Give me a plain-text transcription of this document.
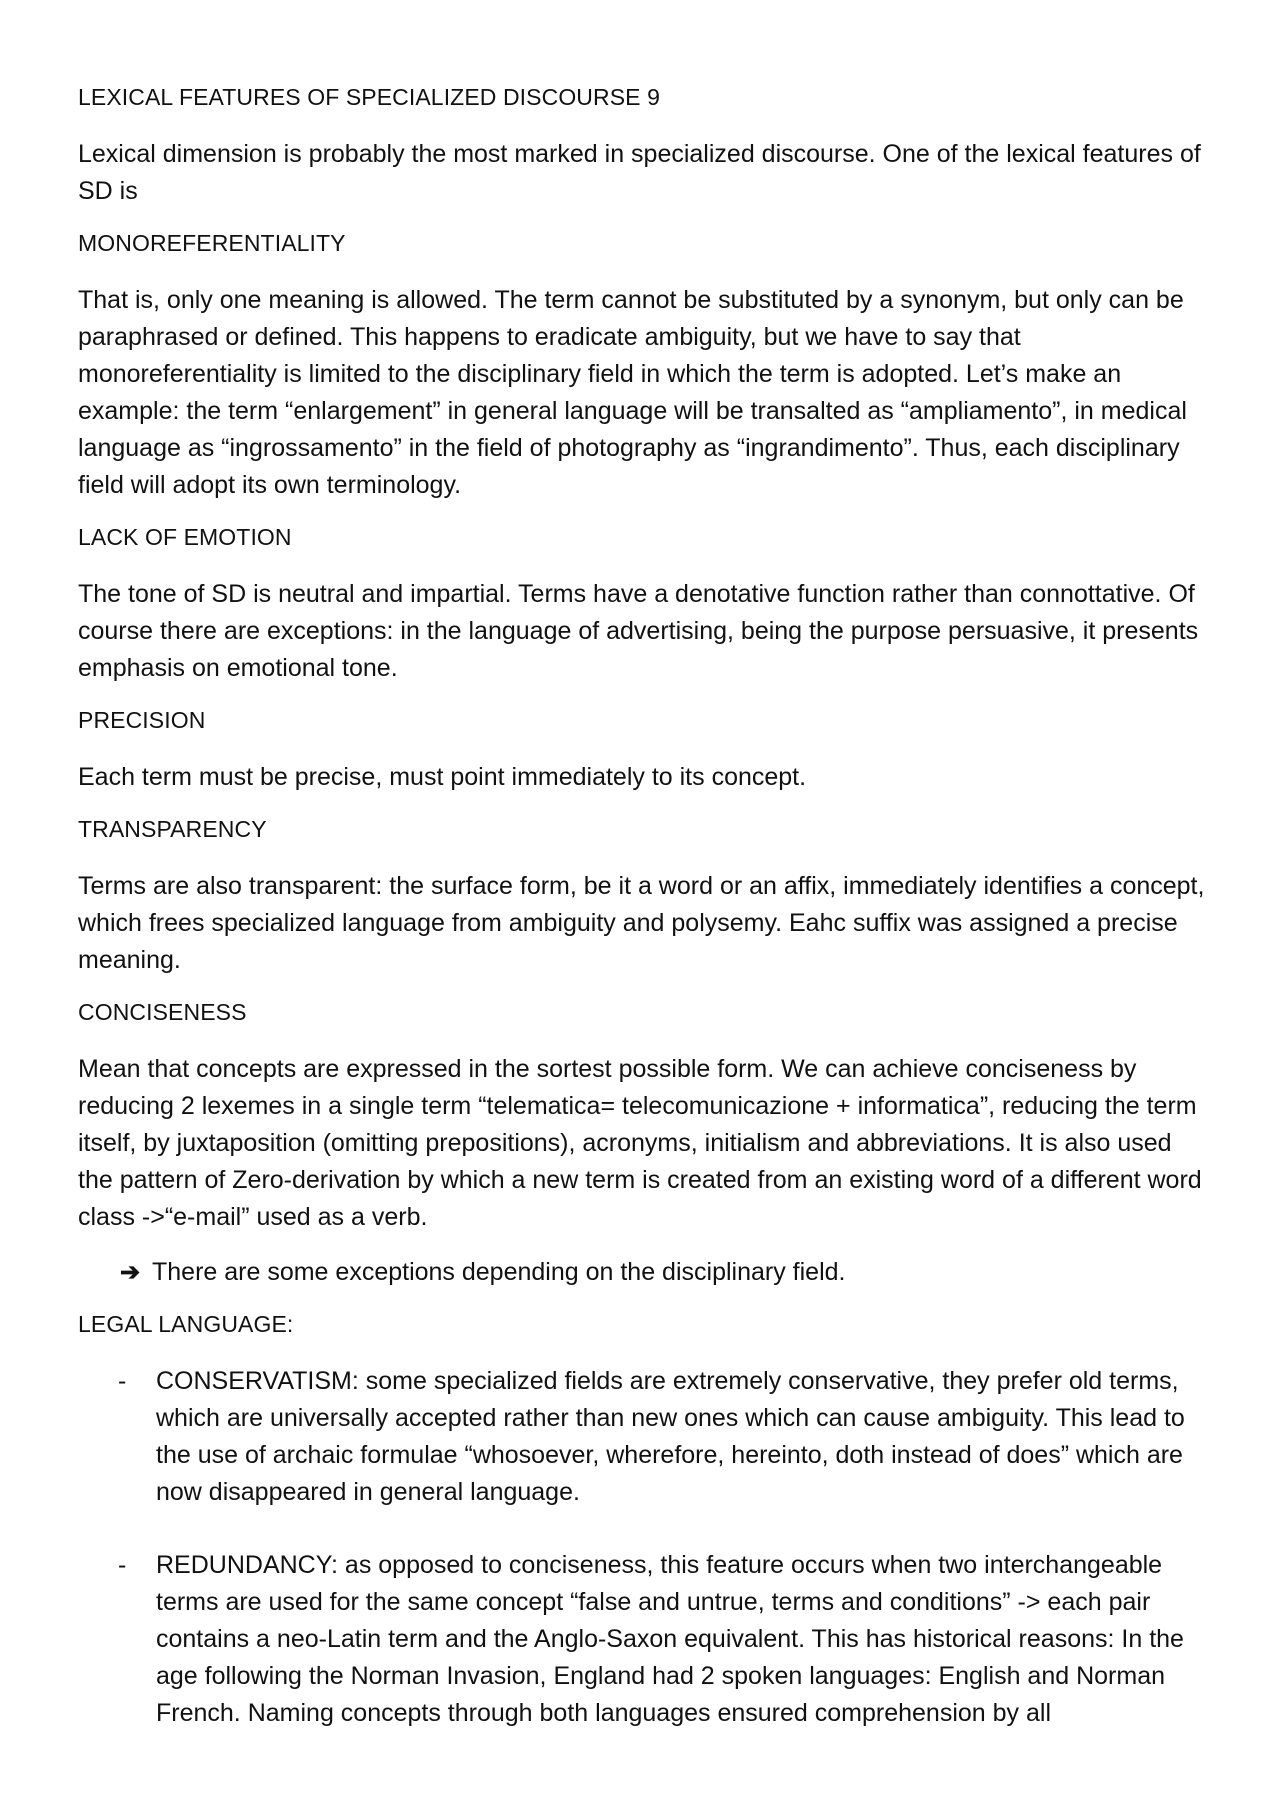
LEXICAL FEATURES OF SPECIALIZED DISCOURSE 9
Lexical dimension is probably the most marked in specialized discourse. One of the lexical features of SD is
MONOREFERENTIALITY
That is, only one meaning is allowed. The term cannot be substituted by a synonym, but only can be paraphrased or defined. This happens to eradicate ambiguity, but we have to say that monoreferentiality is limited to the disciplinary field in which the term is adopted. Let’s make an example: the term “enlargement” in general language will be transalted as “ampliamento”, in medical language as “ingrossamento” in the field of photography as “ingrandimento”. Thus, each disciplinary field will adopt its own terminology.
LACK OF EMOTION
The tone of SD is neutral and impartial. Terms have a denotative function rather than connottative. Of course there are exceptions: in the language of advertising, being the purpose persuasive, it presents emphasis on emotional tone.
PRECISION
Each term must be precise, must point immediately to its concept.
TRANSPARENCY
Terms are also transparent: the surface form, be it a word or an affix, immediately identifies a concept, which frees specialized language from ambiguity and polysemy. Eahc suffix was assigned a precise meaning.
CONCISENESS
Mean that concepts are expressed in the sortest possible form. We can achieve conciseness by reducing 2 lexemes in a single term “telematica= telecomunicazione + informatica”, reducing the term itself, by juxtaposition (omitting prepositions), acronyms, initialism and abbreviations. It is also used the pattern of Zero-derivation by which a new term is created from an existing word of a different word class ->“e-mail” used as a verb.
➔ There are some exceptions depending on the disciplinary field.
LEGAL LANGUAGE:
-	CONSERVATISM: some specialized fields are extremely conservative, they prefer old terms, which are universally accepted rather than new ones which can cause ambiguity. This lead to the use of archaic formulae “whosoever, wherefore, hereinto, doth instead of does” which are now disappeared in general language.
-	REDUNDANCY: as opposed to conciseness, this feature occurs when two interchangeable terms are used for the same concept “false and untrue, terms and conditions” -> each pair contains a neo-Latin term and the Anglo-Saxon equivalent. This has historical reasons: In the age following the Norman Invasion, England had 2 spoken languages: English and Norman French. Naming concepts through both languages ensured comprehension by all
